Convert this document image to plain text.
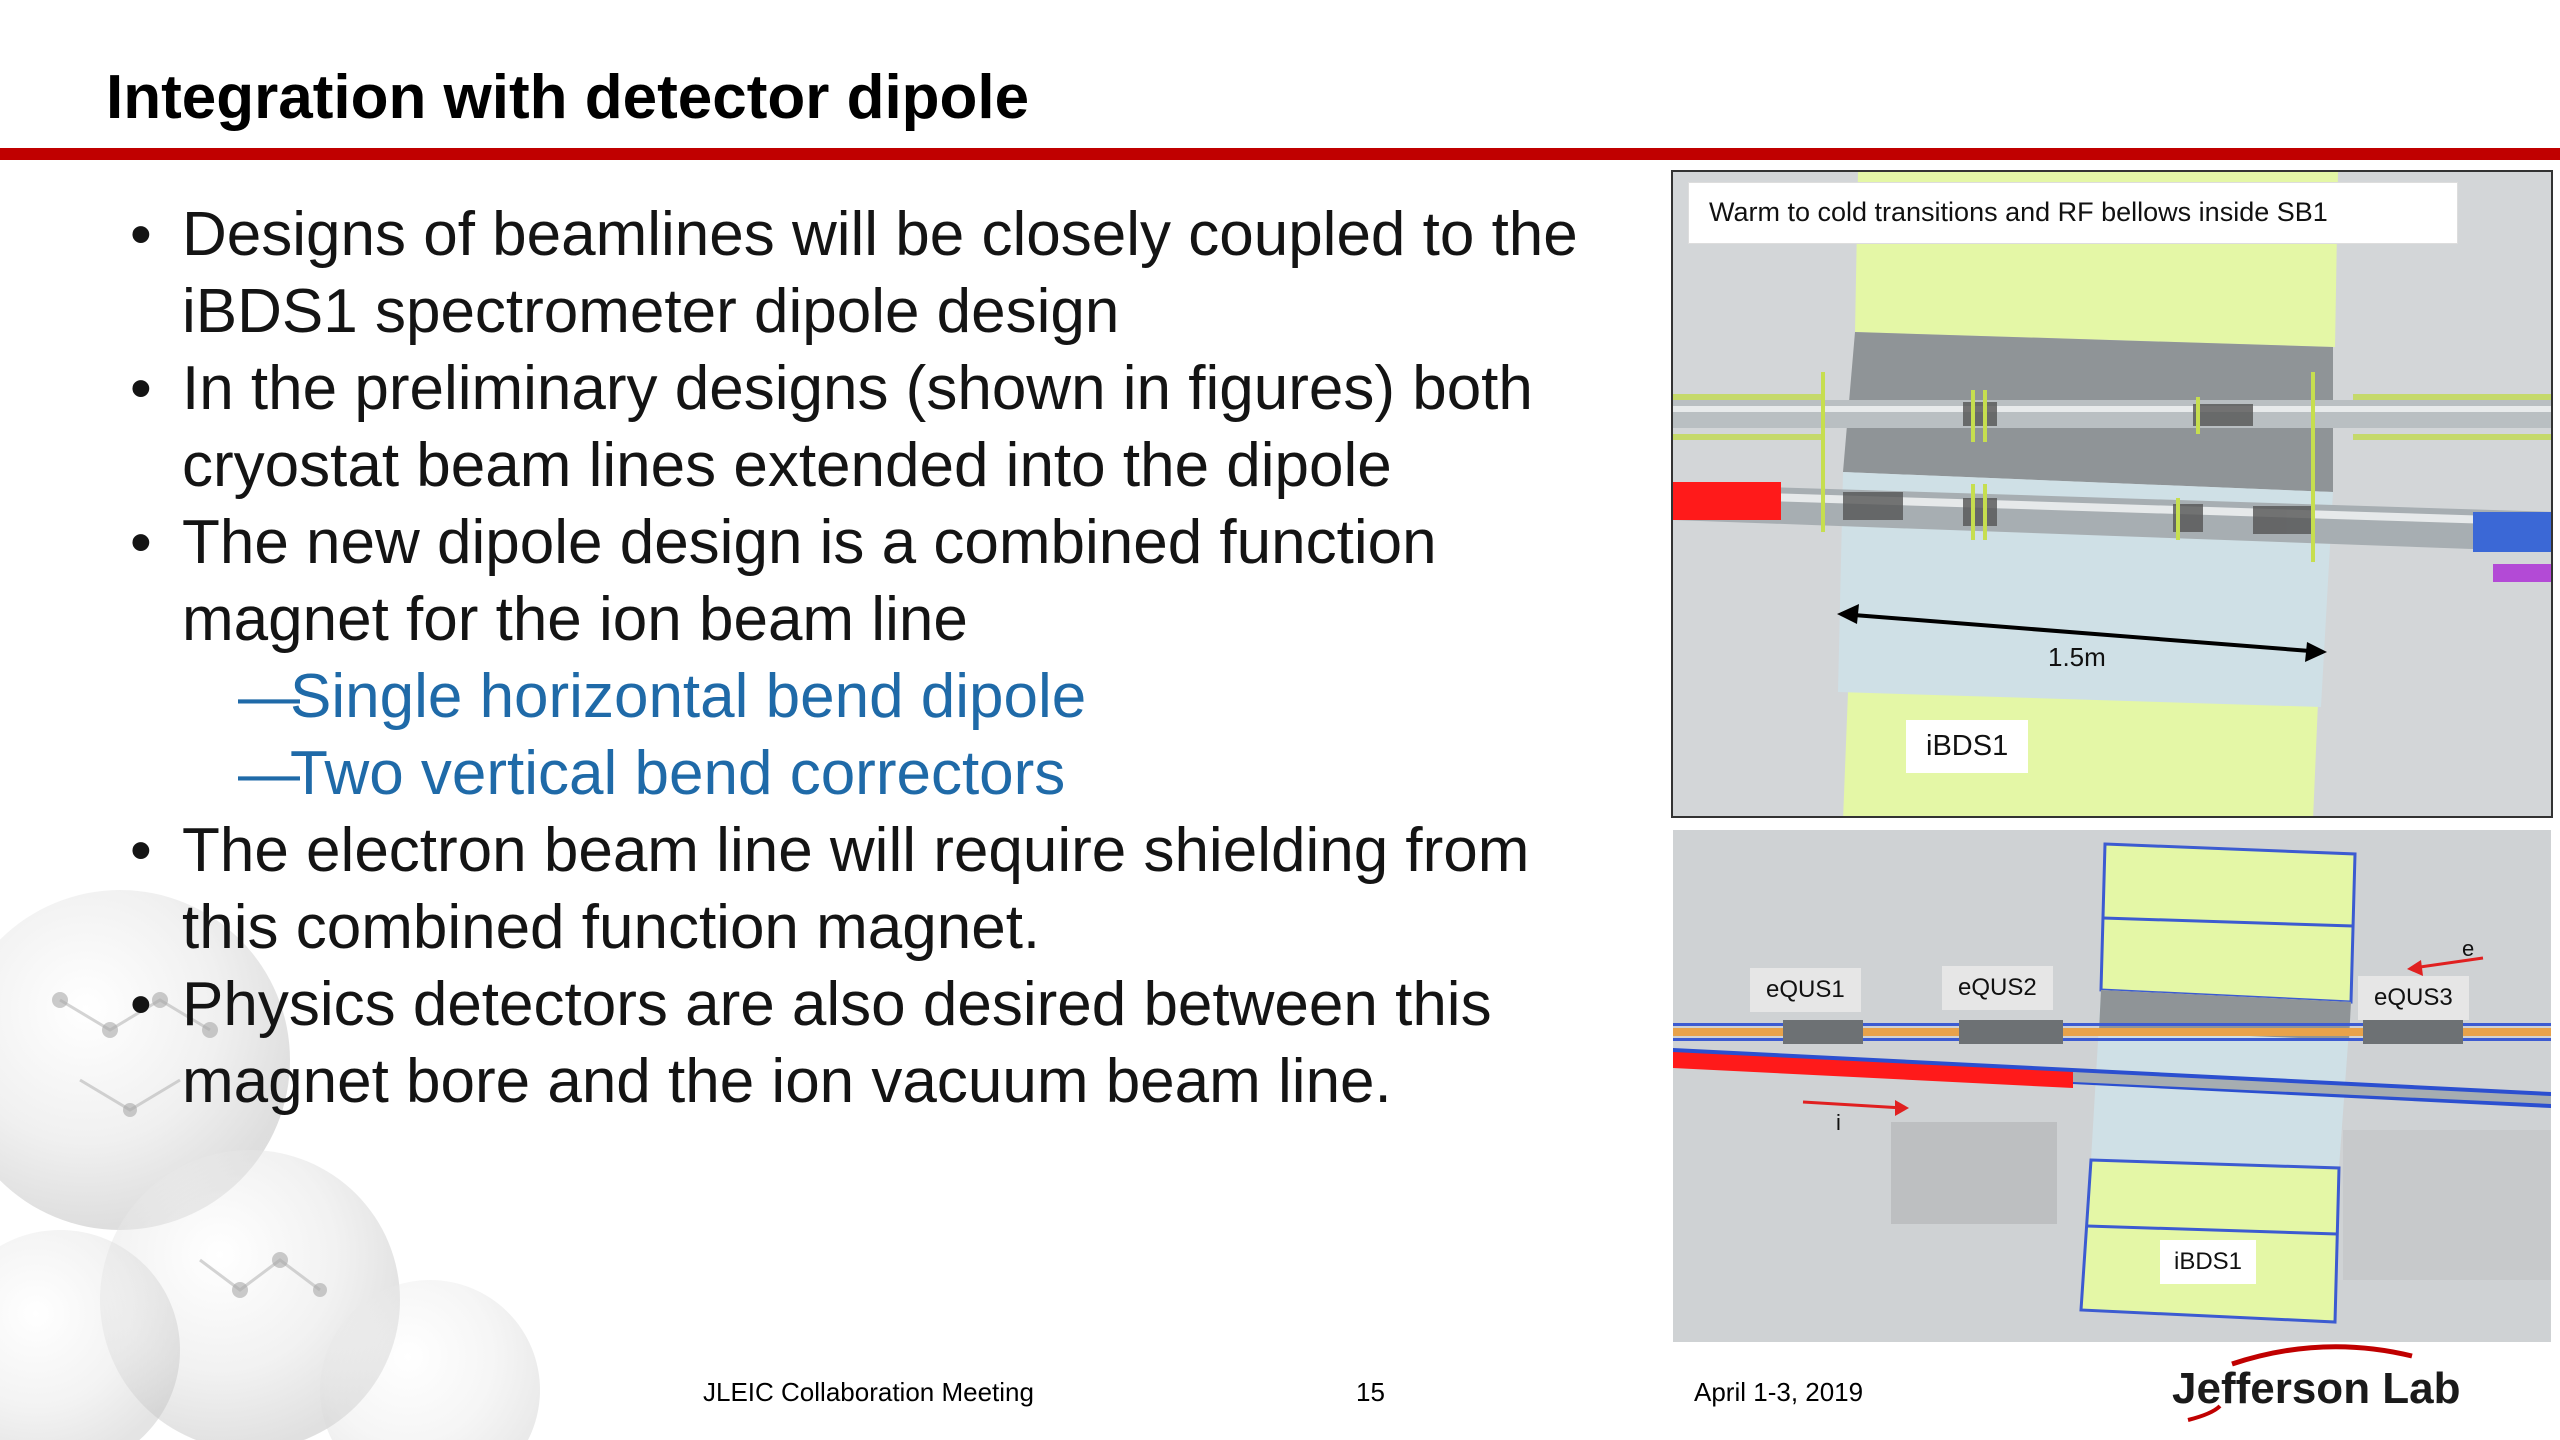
Integration with detector dipole
• Designs of beamlines will be closely coupled to the iBDS1 spectrometer dipole design
• In the preliminary designs (shown in figures) both cryostat beam lines extended into the dipole
• The new dipole design is a combined function magnet for the ion beam line
— Single horizontal bend dipole
— Two vertical bend correctors
• The electron beam line will require shielding from this combined function magnet.
• Physics detectors are also desired between this magnet bore and the ion vacuum beam line.
Warm to cold transitions and RF bellows inside SB1
1.5m
iBDS1
eQUS1	eQUS2	eQUS3
e
i
iBDS1
JLEIC Collaboration Meeting	15	April 1-3, 2019	Jefferson Lab
